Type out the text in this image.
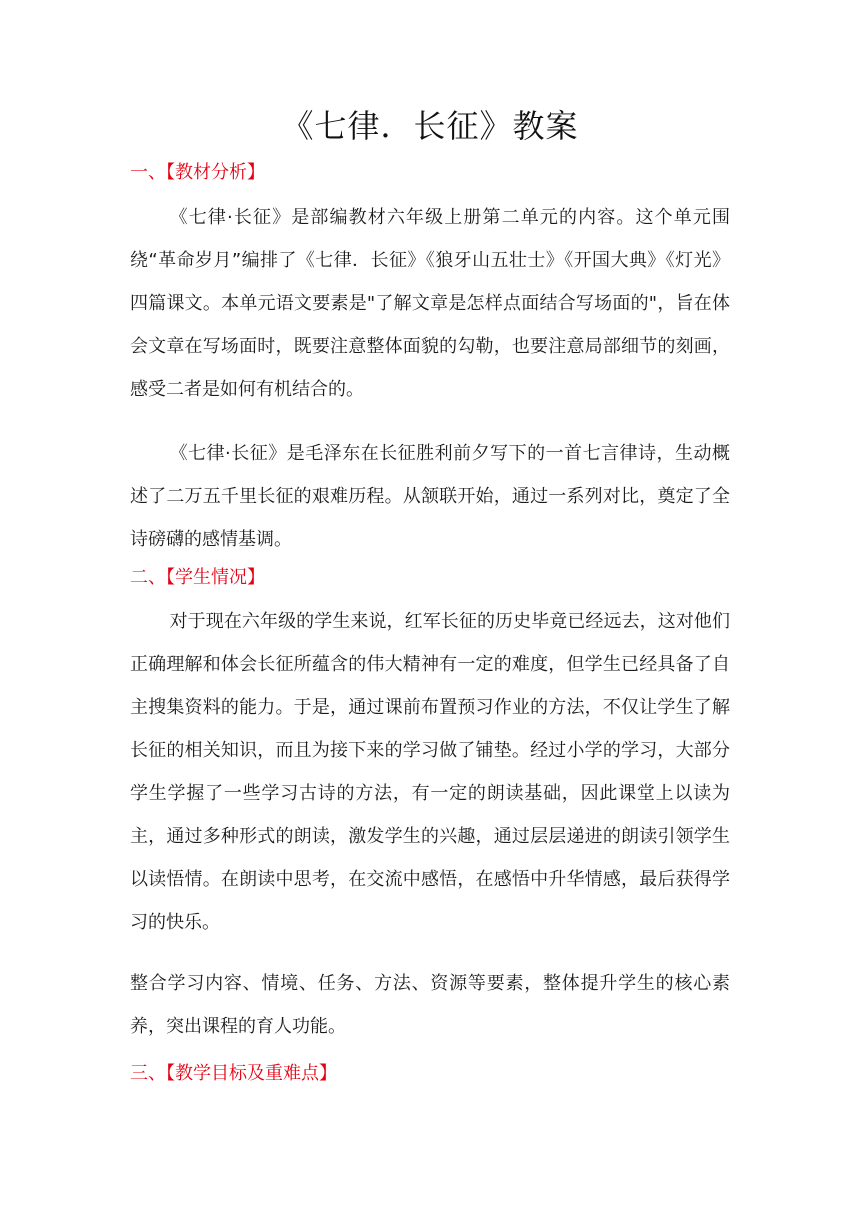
《七律．长征》教案
一、【教材分析】

《七律·长征》是部编教材六年级上册第二单元的内容。这个单元围绕“革命岁月”编排了《七律．长征》《狼牙山五壮士》《开国大典》《灯光》四篇课文。本单元语文要素是"了解文章是怎样点面结合写场面的"，旨在体会文章在写场面时，既要注意整体面貌的勾勒，也要注意局部细节的刻画，感受二者是如何有机结合的。

《七律·长征》是毛泽东在长征胜利前夕写下的一首七言律诗，生动概述了二万五千里长征的艰难历程。从颔联开始，通过一系列对比，奠定了全诗磅礴的感情基调。

二、【学生情况】

对于现在六年级的学生来说，红军长征的历史毕竟已经远去，这对他们正确理解和体会长征所蕴含的伟大精神有一定的难度，但学生已经具备了自主搜集资料的能力。于是，通过课前布置预习作业的方法，不仅让学生了解长征的相关知识，而且为接下来的学习做了铺垫。经过小学的学习，大部分学生学握了一些学习古诗的方法，有一定的朗读基础，因此课堂上以读为主，通过多种形式的朗读，激发学生的兴趣，通过层层递进的朗读引领学生以读悟情。在朗读中思考，在交流中感悟，在感悟中升华情感，最后获得学习的快乐。

整合学习内容、情境、任务、方法、资源等要素，整体提升学生的核心素养，突出课程的育人功能。

三、【教学目标及重难点】
